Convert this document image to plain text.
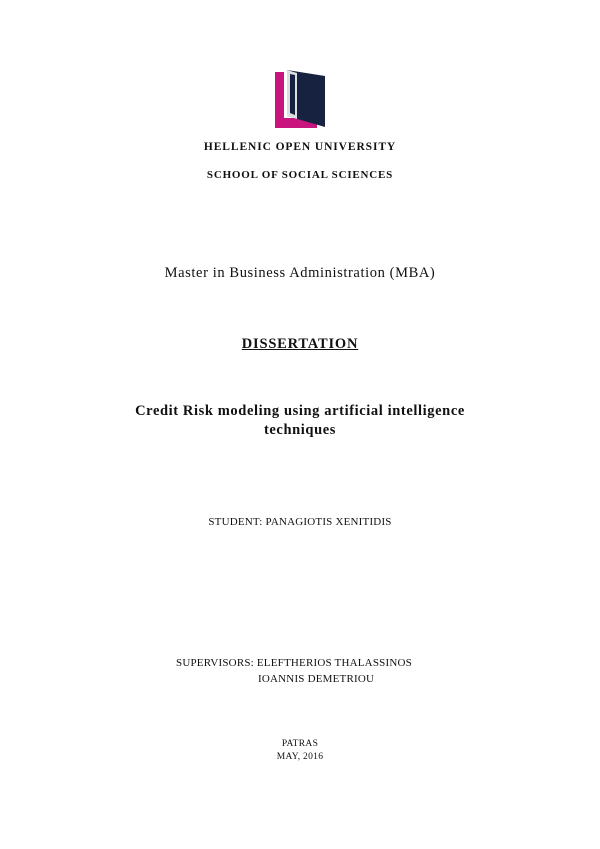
HELLENIC OPEN UNIVERSITY
SCHOOL OF SOCIAL SCIENCES
Master in Business Administration (MBA)
DISSERTATION
Credit Risk modeling using artificial intelligence
techniques
STUDENT: PANAGIOTIS XENITIDIS
SUPERVISORS: ELEFTHERIOS THALASSINOS
IOANNIS DEMETRIOU
PATRAS
MAY, 2016
